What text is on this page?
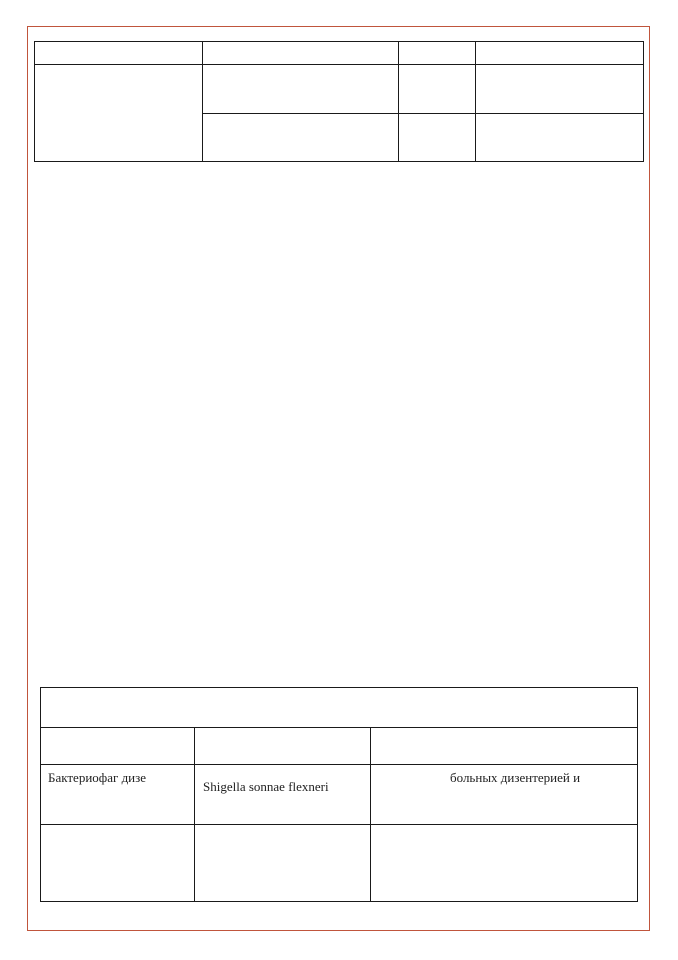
Бактериофаг дизе
Shigella sonnae flexneri
больных дизентерией и
